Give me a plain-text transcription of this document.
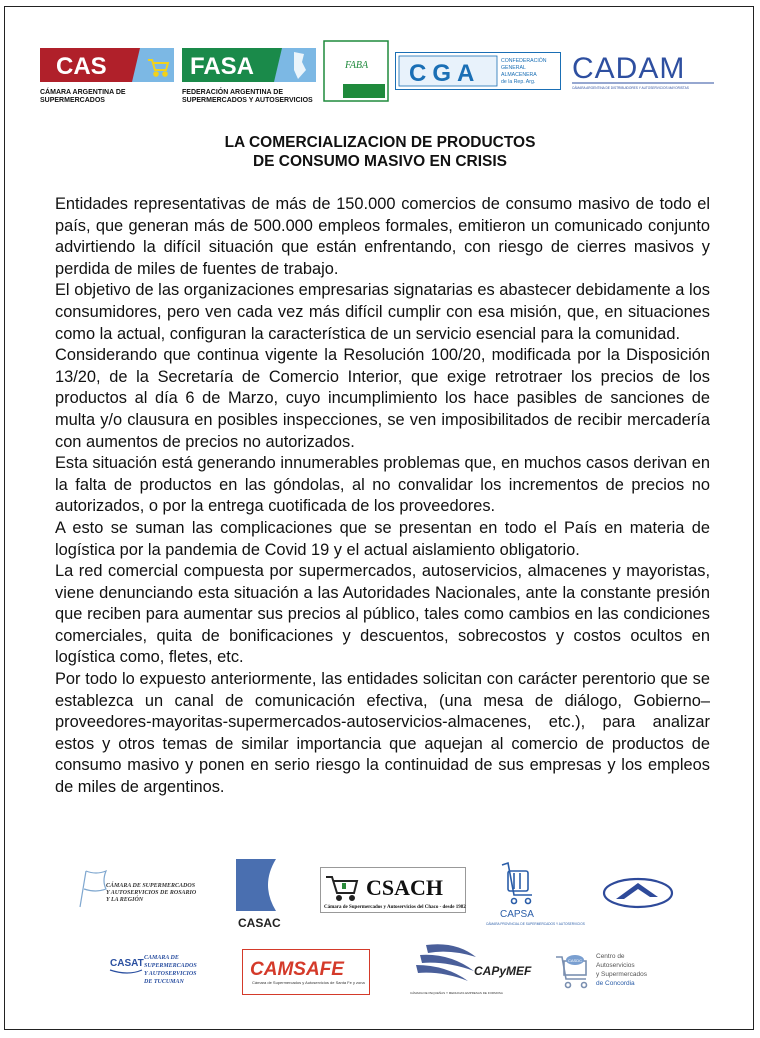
CAS
CÁMARA ARGENTINA DE
SUPERMERCADOS
FASA
FEDERACIÓN ARGENTINA DE
SUPERMERCADOS Y AUTOSERVICIOS
FABA CGA	CONFEDERACIÓN
GENERAL
ALMACENERA
de la Rep. Arg. CADAM
CÁMARA ARGENTINA DE DISTRIBUIDORES Y AUTOSERVICIOS MAYORISTAS
LA COMERCIALIZACION DE PRODUCTOS
DE CONSUMO MASIVO EN CRISIS

Entidades representativas de más de 150.000 comercios de consumo masivo de todo el país, que generan más de 500.000 empleos formales, emitieron un comunicado conjunto advirtiendo la difícil situación que están enfrentando, con riesgo de cierres masivos y perdida de miles de fuentes de trabajo.

El objetivo de las organizaciones empresarias signatarias es abastecer debidamente a los consumidores, pero ven cada vez más difícil cumplir con esa misión, que, en situaciones como la actual, configuran la característica de un servicio esencial para la comunidad.

Considerando que continua vigente la Resolución 100/20, modificada por la Disposición 13/20, de la Secretaría de Comercio Interior, que exige retrotraer los precios de los productos al día 6 de Marzo, cuyo incumplimiento los hace pasibles de sanciones de multa y/o clausura en posibles inspecciones, se ven imposibilitados de recibir mercadería con aumentos de precios no autorizados.

Esta situación está generando innumerables problemas que, en muchos casos derivan en la falta de productos en las góndolas, al no convalidar los incrementos de precios no autorizados, o por la entrega cuotificada de los proveedores.

A esto se suman las complicaciones que se presentan en todo el País en materia de logística por la pandemia de Covid 19 y el actual aislamiento obligatorio.

La red comercial compuesta por supermercados, autoservicios, almacenes y mayoristas, viene denunciando esta situación a las Autoridades Nacionales, ante la constante presión que reciben para aumentar sus precios al público, tales como cambios en las condiciones comerciales, quita de bonificaciones y descuentos, sobrecostos y costos ocultos en logística como, fletes, etc.

Por todo lo expuesto anteriormente, las entidades solicitan con carácter perentorio que se establezca un canal de comunicación efectiva, (una mesa de diálogo, Gobierno–proveedores-mayoritas-supermercados-autoservicios-almacenes, etc.), para analizar estos y otros temas de similar importancia que aquejan al comercio de productos de consumo masivo y ponen en serio riesgo la continuidad de sus empresas y los empleos de miles de argentinos.

CÁMARA DE SUPERMERCADOS
Y AUTOSERVICIOS DE ROSARIO
Y LA REGIÓN
CASAC
CSACH
Cámara de Supermercados y Autoservicios del Chaco - desde 1982
CAPSA
CÁMARA PROVINCIAL DE SUPERMERCADOS Y AUTOSERVICIOS
CASAT CAMARA DE
SUPERMERCADOS
Y AUTOSERVICIOS
DE TUCUMAN
CAMSAFE
Cámara de Supermercados y Autoservicios de Santa Fe y zona
CAPyMEF
CÁMARA DE PEQUEÑAS Y MEDIANAS EMPRESAS DE FORMOSA
CASDC
Centro de
Autoservicios
y Supermercados
de Concordia
